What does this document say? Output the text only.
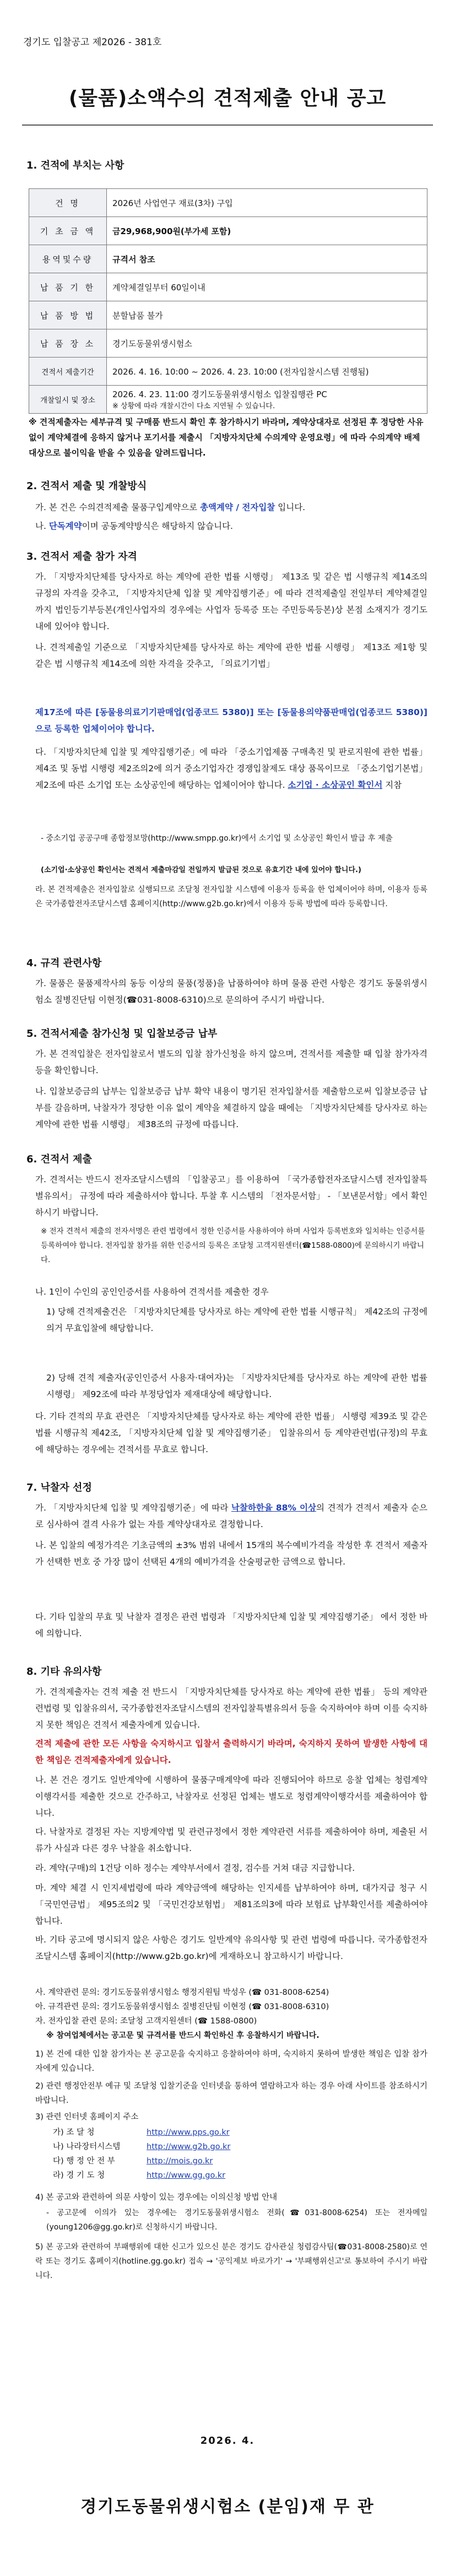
경기도 입찰공고 제2026 - 381호
(물품)소액수의 견적제출 안내 공고
1. 견적에 부치는 사항
건 명	2026년 사업연구 재료(3차) 구입
기 초 금 액	금29,968,900원(부가세 포함)
용역및수량	규격서 참조
납 품 기 한	계약체결일부터 60일이내
납 품 방 법	분할납품 불가
납 품 장 소	경기도동물위생시험소
견적서 제출기간	2026. 4. 16. 10:00 ~ 2026. 4. 23. 10:00 (전자입찰시스템 진행됨)
개찰일시 및 장소	2026. 4. 23. 11:00 경기도동물위생시험소 입찰집행관 PC
※ 상황에 따라 개찰시간이 다소 지연될 수 있습니다.
※ 견적제출자는 세부규격 및 구매품 반드시 확인 후 참가하시기 바라며, 계약상대자로 선정된 후 정당한 사유없이 계약체결에 응하지 않거나 포기서를 제출시 「지방자치단체 수의계약 운영요령」에 따라 수의계약 배제대상으로 불이익을 받을 수 있음을 알려드립니다.
2. 견적서 제출 및 개찰방식
가. 본 건은 수의견적제출 물품구입계약으로 총액계약 / 전자입찰 입니다.
나. 단독계약이며 공동계약방식은 해당하지 않습니다.
3. 견적서 제출 참가 자격
가. 「지방자치단체를 당사자로 하는 계약에 관한 법률 시행령」 제13조 및 같은 법 시행규칙 제14조의 규정의 자격을 갖추고, 「지방자치단체 입찰 및 계약집행기준」에 따라 견적제출일 전일부터 계약체결일까지 법인등기부등본(개인사업자의 경우에는 사업자 등록증 또는 주민등록등본)상 본점 소재지가 경기도 내에 있어야 합니다.
나. 견적제출일 기준으로 「지방자치단체를 당사자로 하는 계약에 관한 법률 시행령」 제13조 제1항 및 같은 법 시행규칙 제14조에 의한 자격을 갖추고, 「의료기기법」
제17조에 따른 [동물용의료기기판매업(업종코드 5380)] 또는 [동물용의약품판매업(업종코드 5380)]으로 등록한 업체이어야 합니다.
다. 「지방자치단체 입찰 및 계약집행기준」에 따라 「중소기업제품 구매촉진 및 판로지원에 관한 법률」 제4조 및 동법 시행령 제2조의2에 의거 중소기업자간 경쟁입찰제도 대상 품목이므로 「중소기업기본법」 제2조에 따른 소기업 또는 소상공인에 해당하는 업체이어야 합니다. 소기업 · 소상공인 확인서 지참
- 중소기업 공공구매 종합정보망(http://www.smpp.go.kr)에서 소기업 및 소상공인 확인서 발급 후 제출
(소기업·소상공인 확인서는 견적서 제출마감일 전일까지 발급된 것으로 유효기간 내에 있어야 합니다.)
라. 본 견적제출은 전자입찰로 실행되므로 조달청 전자입찰 시스템에 이용자 등록을 한 업체이어야 하며, 이용자 등록은 국가종합전자조달시스템 홈페이지(http://www.g2b.go.kr)에서 이용자 등록 방법에 따라 등록합니다.
4. 규격 관련사항
가. 물품은 물품제작사의 동등 이상의 물품(정품)을 납품하여야 하며 물품 관련 사항은 경기도 동물위생시험소 질병진단팀 이현정(☎031-8008-6310)으로 문의하여 주시기 바랍니다.
5. 견적서제출 참가신청 및 입찰보증금 납부
가. 본 견적입찰은 전자입찰로서 별도의 입찰 참가신청을 하지 않으며, 견적서를 제출할 때 입찰 참가자격 등을 확인합니다.
나. 입찰보증금의 납부는 입찰보증금 납부 확약 내용이 명기된 전자입찰서를 제출함으로써 입찰보증금 납부를 갈음하며, 낙찰자가 정당한 이유 없이 계약을 체결하지 않을 때에는 「지방자치단체를 당사자로 하는 계약에 관한 법률 시행령」 제38조의 규정에 따릅니다.
6. 견적서 제출
가. 견적서는 반드시 전자조달시스템의 「입찰공고」를 이용하여 「국가종합전자조달시스템 전자입찰특별유의서」 규정에 따라 제출하셔야 합니다. 투찰 후 시스템의 「전자문서함」 - 「보낸문서함」에서 확인하시기 바랍니다.
※ 전자 견적서 제출의 전자서명은 관련 법령에서 정한 인증서를 사용하여야 하며 사업자 등록번호와 일치하는 인증서를 등록하여야 합니다. 전자입찰 참가를 위한 인증서의 등록은 조달청 고객지원센터(☎1588-0800)에 문의하시기 바랍니다.
나. 1인이 수인의 공인인증서를 사용하여 견적서를 제출한 경우
1) 당해 견적제출건은 「지방자치단체를 당사자로 하는 계약에 관한 법률 시행규칙」 제42조의 규정에 의거 무효입찰에 해당합니다.
2) 당해 견적 제출자(공인인증서 사용자·대여자)는 「지방자치단체를 당사자로 하는 계약에 관한 법률 시행령」 제92조에 따라 부정당업자 제재대상에 해당합니다.
다. 기타 견적의 무효 관련은 「지방자치단체를 당사자로 하는 계약에 관한 법률」 시행령 제39조 및 같은 법률 시행규칙 제42조, 「지방자치단체 입찰 및 계약집행기준」 입찰유의서 등 계약관련법(규정)의 무효에 해당하는 경우에는 견적서를 무효로 합니다.
7. 낙찰자 선정
가. 「지방자치단체 입찰 및 계약집행기준」에 따라 낙찰하한율 88% 이상의 견적가 견적서 제출자 순으로 심사하여 결격 사유가 없는 자를 계약상대자로 결정합니다.
나. 본 입찰의 예정가격은 기초금액의 ±3% 범위 내에서 15개의 복수예비가격을 작성한 후 견적서 제출자가 선택한 번호 중 가장 많이 선택된 4개의 예비가격을 산술평균한 금액으로 합니다.
다. 기타 입찰의 무효 및 낙찰자 결정은 관련 법령과 「지방자치단체 입찰 및 계약집행기준」 에서 정한 바에 의합니다.
8. 기타 유의사항
가. 견적제출자는 견적 제출 전 반드시 「지방자치단체를 당사자로 하는 계약에 관한 법률」 등의 계약관련법령 및 입찰유의서, 국가종합전자조달시스템의 전자입찰특별유의서 등을 숙지하여야 하며 이를 숙지하지 못한 책임은 견적서 제출자에게 있습니다.
견적 제출에 관한 모든 사항을 숙지하시고 입찰서 출력하시기 바라며, 숙지하지 못하여 발생한 사항에 대한 책임은 견적제출자에게 있습니다.
나. 본 건은 경기도 일반계약에 시행하여 물품구매계약에 따라 진행되어야 하므로 응찰 업체는 청렴계약 이행각서를 제출한 것으로 간주하고, 낙찰자로 선정된 업체는 별도로 청렴계약이행각서를 제출하여야 합니다.
다. 낙찰자로 결정된 자는 지방계약법 및 관련규정에서 정한 계약관련 서류를 제출하여야 하며, 제출된 서류가 사실과 다른 경우 낙찰을 취소합니다.
라. 계약(구매)의 1건당 이하 정수는 계약부서에서 결정, 검수를 거쳐 대금 지급합니다.
마. 계약 체결 시 인지세법령에 따라 계약금액에 해당하는 인지세를 납부하여야 하며, 대가지급 청구 시 「국민연금법」 제95조의2 및 「국민건강보험법」 제81조의3에 따라 보험료 납부확인서를 제출하여야 합니다.
바. 기타 공고에 명시되지 않은 사항은 경기도 일반계약 유의사항 및 관련 법령에 따릅니다. 국가종합전자조달시스템 홈페이지(http://www.g2b.go.kr)에 게재하오니 참고하시기 바랍니다.
사. 계약관련 문의: 경기도동물위생시험소 행정지원팀 박성우 (☎ 031-8008-6254)
아. 규격관련 문의: 경기도동물위생시험소 질병진단팀 이현정 (☎ 031-8008-6310)
자. 전자입찰 관련 문의: 조달청 고객지원센터 (☎ 1588-0800)
※ 참여업체에서는 공고문 및 규격서를 반드시 확인하신 후 응찰하시기 바랍니다.
1) 본 건에 대한 입찰 참가자는 본 공고문을 숙지하고 응찰하여야 하며, 숙지하지 못하여 발생한 책임은 입찰 참가자에게 있습니다.
2) 관련 행정안전부 예규 및 조달청 입찰기준을 인터넷을 통하여 열람하고자 하는 경우 아래 사이트를 참조하시기 바랍니다.
3) 관련 인터넷 홈페이지 주소
가) 조 달 청	http://www.pps.go.kr
나) 나라장터시스템	http://www.g2b.go.kr
다) 행 정 안 전 부	http://mois.go.kr
라) 경 기 도 청	http://www.gg.go.kr
4) 본 공고와 관련하여 의문 사항이 있는 경우에는 이의신청 방법 안내
- 공고문에 이의가 있는 경우에는 경기도동물위생시험소 전화(☎031-8008-6254) 또는 전자메일(young1206@gg.go.kr)로 신청하시기 바랍니다.
5) 본 공고와 관련하여 부패행위에 대한 신고가 있으신 분은 경기도 감사관실 청렴감사팀(☎031-8008-2580)로 연락 또는 경기도 홈페이지(hotline.gg.go.kr) 접속 → '공익제보 바로가기' → '부패행위신고'로 통보하여 주시기 바랍니다.
2026. 4.
경기도동물위생시험소 (분임)재 무 관
